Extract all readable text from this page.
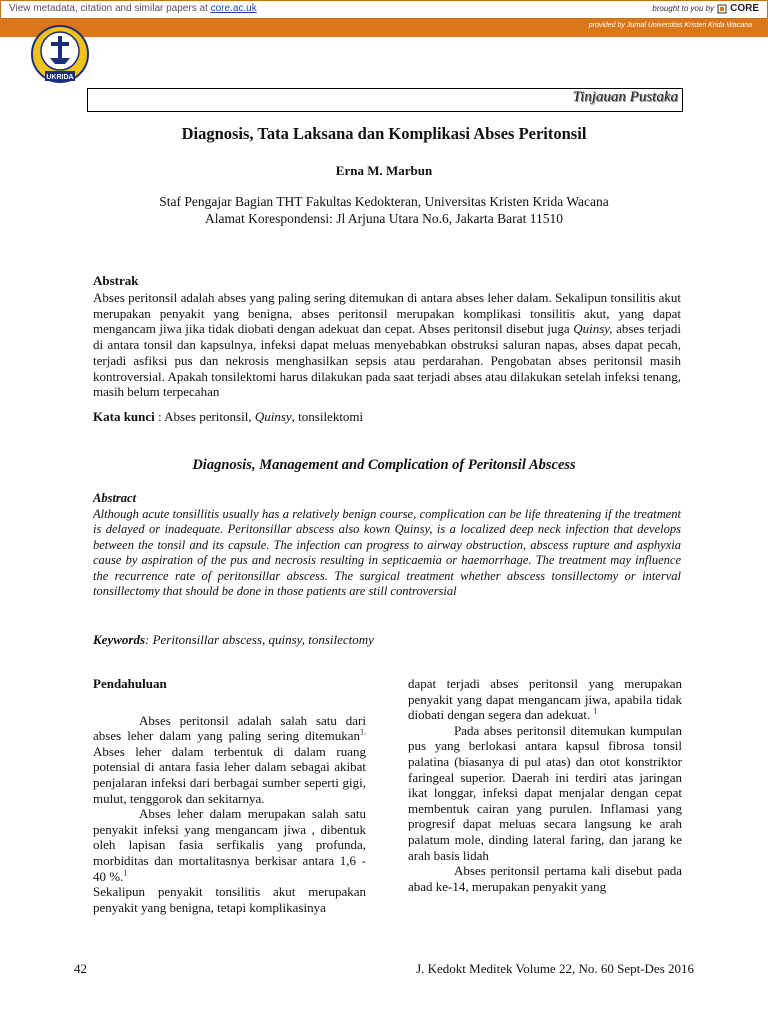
View metadata, citation and similar papers at core.ac.uk	brought to you by CORE
provided by Jurnal Universitas Kristen Krida Wacana
UKRIDA
Tinjauan Pustaka
Diagnosis, Tata Laksana dan Komplikasi Abses Peritonsil
Erna M. Marbun
Staf Pengajar Bagian THT Fakultas Kedokteran, Universitas Kristen Krida Wacana
Alamat Korespondensi: Jl Arjuna Utara No.6, Jakarta Barat 11510
Abstrak
Abses peritonsil adalah abses yang paling sering ditemukan di antara abses leher dalam. Sekalipun tonsilitis akut merupakan penyakit yang benigna, abses peritonsil merupakan komplikasi tonsilitis akut, yang dapat mengancam jiwa jika tidak diobati dengan adekuat dan cepat. Abses peritonsil disebut juga Quinsy, abses terjadi di antara tonsil dan kapsulnya, infeksi dapat meluas menyebabkan obstruksi saluran napas, abses dapat pecah, terjadi asfiksi pus dan nekrosis menghasilkan sepsis atau perdarahan. Pengobatan abses peritonsil masih kontroversial. Apakah tonsilektomi harus dilakukan pada saat terjadi abses atau dilakukan setelah infeksi tenang, masih belum terpecahan
Kata kunci : Abses peritonsil, Quinsy, tonsilektomi
Diagnosis, Management and Complication of Peritonsil Abscess
Abstract
Although acute tonsillitis usually has a relatively benign course, complication can be life threatening if the treatment is delayed or inadequate. Peritonsillar abscess also kown Quinsy, is a localized deep neck infection that develops between the tonsil and its capsule. The infection can progress to airway obstruction, abscess rupture and asphyxia cause by aspiration of the pus and necrosis resulting in septicaemia or haemorrhage. The treatment may influence the recurrence rate of peritonsillar abscess. The surgical treatment whether abscess tonsillectomy or interval tonsillectomy that should be done in those patients are still controversial
Keywords: Peritonsillar abscess, quinsy, tonsilectomy

Pendahuluan

Abses peritonsil adalah salah satu dari abses leher dalam yang paling sering ditemukan$^{1.}$ Abses leher dalam terbentuk di dalam ruang potensial di antara fasia leher dalam sebagai akibat penjalaran infeksi dari berbagai sumber seperti gigi, mulut, tenggorok dan sekitarnya.

Abses leher dalam merupakan salah satu penyakit infeksi yang mengancam jiwa , dibentuk oleh lapisan fasia serfikalis yang profunda, morbiditas dan mortalitasnya berkisar antara 1,6 - 40 %.$^1$

Sekalipun penyakit tonsilitis akut merupakan penyakit yang benigna, tetapi komplikasinya

dapat terjadi abses peritonsil yang merupakan penyakit yang dapat mengancam jiwa, apabila tidak diobati dengan segera dan adekuat. $^1$

Pada abses peritonsil ditemukan kumpulan pus yang berlokasi antara kapsul fibrosa tonsil palatina (biasanya di pul atas) dan otot konstriktor faringeal superior. Daerah ini terdiri atas jaringan ikat longgar, infeksi dapat menjalar dengan cepat membentuk cairan yang purulen. Inflamasi yang progresif dapat meluas secara langsung ke arah palatum mole, dinding lateral faring, dan jarang ke arah basis lidah

Abses peritonsil pertama kali disebut pada abad ke-14, merupakan penyakit yang

42	J. Kedokt Meditek Volume 22, No. 60 Sept-Des 2016
